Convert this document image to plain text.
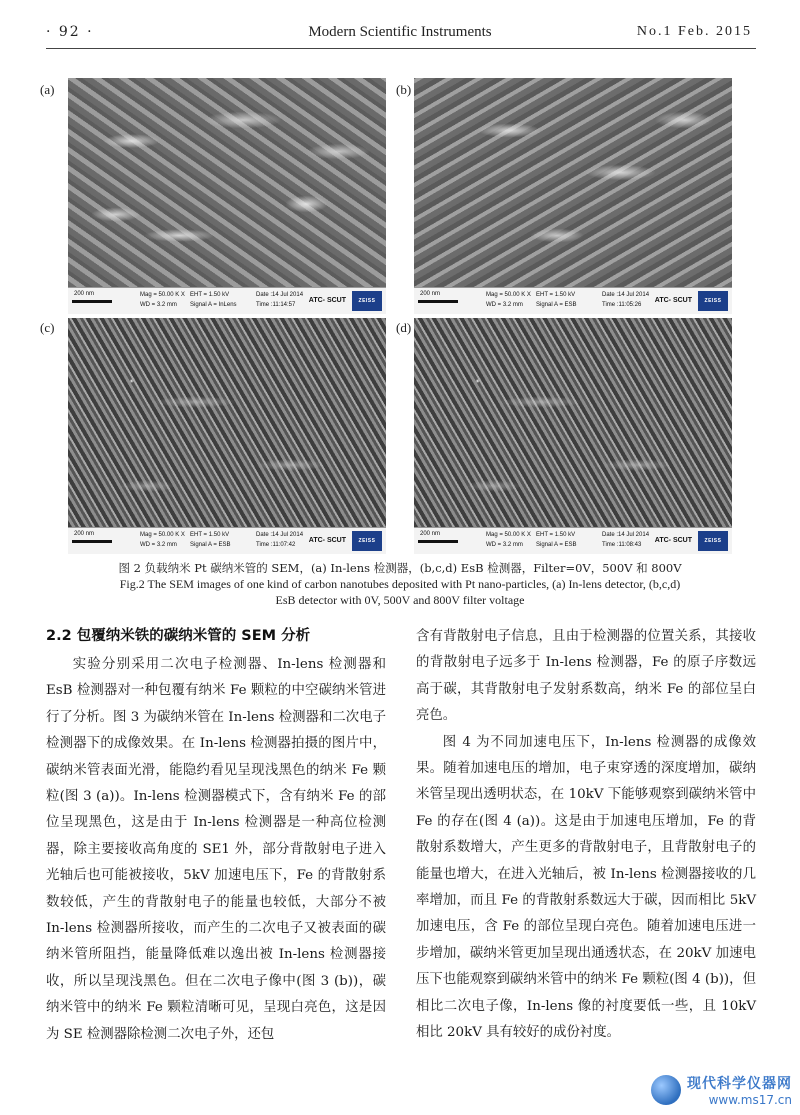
· 92 ·	Modern Scientific Instruments	No.1 Feb. 2015
(a)
200 nm	Mag = 50.00 K X
WD = 3.2 mm
EHT = 1.50 kV
Signal A = InLens
Date :14 Jul 2014
Time :11:14:57
ATC- SCUT	ZEISS
(b)
200 nm	Mag = 50.00 K X
WD = 3.2 mm
EHT = 1.50 kV
Signal A = ESB
Date :14 Jul 2014
Time :11:05:26
ATC- SCUT	ZEISS
(c)
200 nm	Mag = 50.00 K X
WD = 3.2 mm
EHT = 1.50 kV
Signal A = ESB
Date :14 Jul 2014
Time :11:07:42
ATC- SCUT	ZEISS
(d)
200 nm	Mag = 50.00 K X
WD = 3.2 mm
EHT = 1.50 kV
Signal A = ESB
Date :14 Jul 2014
Time :11:08:43
ATC- SCUT	ZEISS
图 2 负载纳米 Pt 碳纳米管的 SEM，(a) In-lens 检测器，(b,c,d) EsB 检测器，Filter=0V，500V 和 800V
Fig.2 The SEM images of one kind of carbon nanotubes deposited with Pt nano-particles, (a) In-lens detector, (b,c,d)
EsB detector with 0V, 500V and 800V filter voltage
2.2 包覆纳米铁的碳纳米管的 SEM 分析

实验分别采用二次电子检测器、In-lens 检测器和 EsB 检测器对一种包覆有纳米 Fe 颗粒的中空碳纳米管进行了分析。图 3 为碳纳米管在 In-lens 检测器和二次电子检测器下的成像效果。在 In-lens 检测器拍摄的图片中，碳纳米管表面光滑，能隐约看见呈现浅黑色的纳米 Fe 颗粒(图 3 (a))。In-lens 检测器模式下，含有纳米 Fe 的部位呈现黑色，这是由于 In-lens 检测器是一种高位检测器，除主要接收高角度的 SE1 外，部分背散射电子进入光轴后也可能被接收，5kV 加速电压下，Fe 的背散射系数较低，产生的背散射电子的能量也较低，大部分不被 In-lens 检测器所接收，而产生的二次电子又被表面的碳纳米管所阻挡，能量降低难以逸出被 In-lens 检测器接收，所以呈现浅黑色。但在二次电子像中(图 3 (b))，碳纳米管中的纳米 Fe 颗粒清晰可见，呈现白亮色，这是因为 SE 检测器除检测二次电子外，还包

含有背散射电子信息，且由于检测器的位置关系，其接收的背散射电子远多于 In-lens 检测器，Fe 的原子序数远高于碳，其背散射电子发射系数高，纳米 Fe 的部位呈白亮色。

图 4 为不同加速电压下，In-lens 检测器的成像效果。随着加速电压的增加，电子束穿透的深度增加，碳纳米管呈现出透明状态，在 10kV 下能够观察到碳纳米管中 Fe 的存在(图 4 (a))。这是由于加速电压增加，Fe 的背散射系数增大，产生更多的背散射电子，且背散射电子的能量也增大，在进入光轴后，被 In-lens 检测器接收的几率增加，而且 Fe 的背散射系数远大于碳，因而相比 5kV 加速电压，含 Fe 的部位呈现白亮色。随着加速电压进一步增加，碳纳米管更加呈现出通透状态，在 20kV 加速电压下也能观察到碳纳米管中的纳米 Fe 颗粒(图 4 (b))，但相比二次电子像，In-lens 像的衬度要低一些，且 10kV 相比 20kV 具有较好的成份衬度。

现代科学仪器网
www.ms17.cn
